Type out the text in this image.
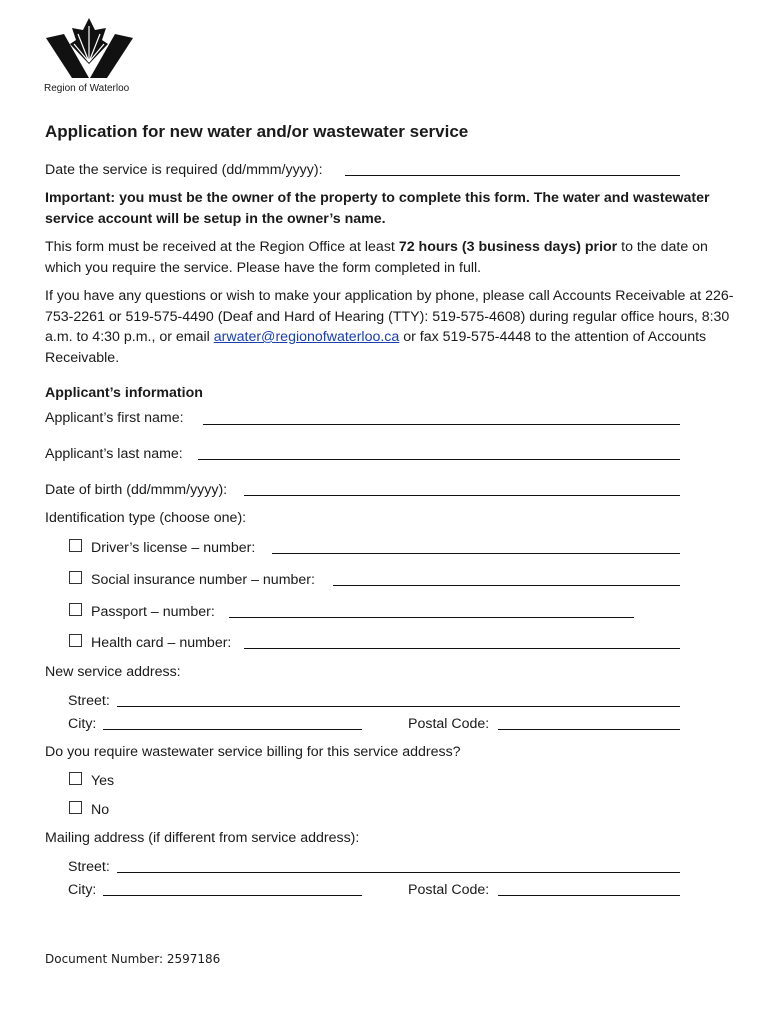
Region of Waterloo
Application for new water and/or wastewater service
Date the service is required (dd/mmm/yyyy):
Important: you must be the owner of the property to complete this form. The water and wastewater service account will be setup in the owner’s name.
This form must be received at the Region Office at least 72 hours (3 business days) prior to the date on which you require the service. Please have the form completed in full.
If you have any questions or wish to make your application by phone, please call Accounts Receivable at 226-753-2261 or 519-575-4490 (Deaf and Hard of Hearing (TTY): 519-575-4608) during regular office hours, 8:30 a.m. to 4:30 p.m., or email arwater@regionofwaterloo.ca or fax 519-575-4448 to the attention of Accounts Receivable.
Applicant’s information
Applicant’s first name:
Applicant’s last name:
Date of birth (dd/mmm/yyyy):
Identification type (choose one):
Driver’s license – number:
Social insurance number – number:
Passport – number:
Health card – number:
New service address:
Street:
City:	Postal Code:
Do you require wastewater service billing for this service address?
Yes
No
Mailing address (if different from service address):
Street:
City:	Postal Code:
Document Number: 2597186
